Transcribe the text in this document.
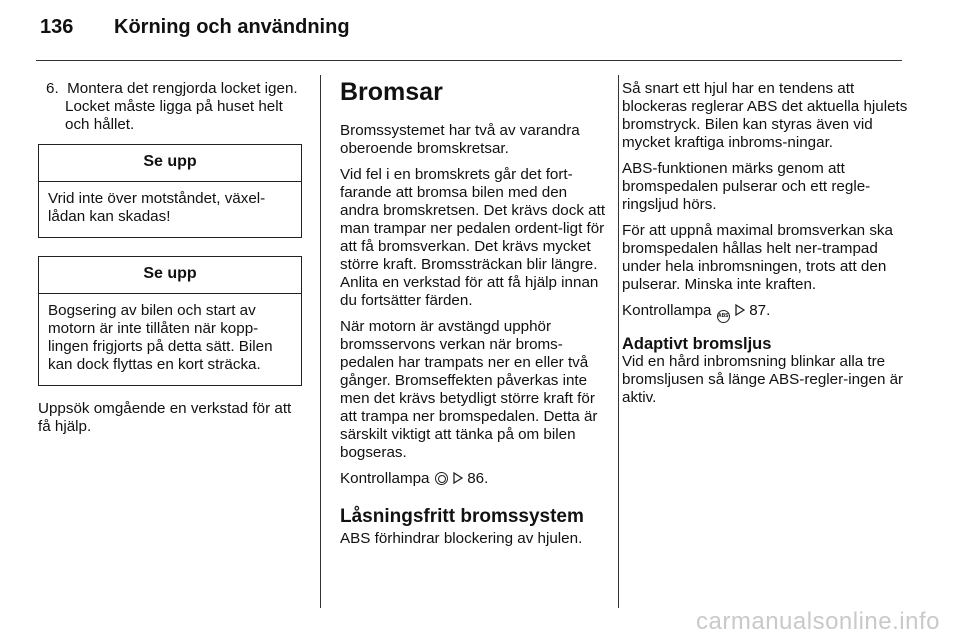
136 Körning och användning

6. Montera det rengjorda locket igen. Locket måste ligga på huset helt och hållet.

Se upp
Vrid inte över motståndet, växel-lådan kan skadas!
Se upp
Bogsering av bilen och start av motorn är inte tillåten när kopp-lingen frigjorts på detta sätt. Bilen kan dock flyttas en kort sträcka.

Uppsök omgående en verkstad för att få hjälp.

Bromsar

Bromssystemet har två av varandra oberoende bromskretsar.

Vid fel i en bromskrets går det fort-farande att bromsa bilen med den andra bromskretsen. Det krävs dock att man trampar ner pedalen ordent-ligt för att få bromsverkan. Det krävs mycket större kraft. Bromssträckan blir längre. Anlita en verkstad för att få hjälp innan du fortsätter färden.

När motorn är avstängd upphör bromsservons verkan när broms-pedalen har trampats ner en eller två gånger. Bromseffekten påverkas inte men det krävs betydligt större kraft för att trampa ner bromspedalen. Detta är särskilt viktigt att tänka på om bilen bogseras.

Kontrollampa 86.

Låsningsfritt bromssystem

ABS förhindrar blockering av hjulen.

Så snart ett hjul har en tendens att blockeras reglerar ABS det aktuella hjulets bromstryck. Bilen kan styras även vid mycket kraftiga inbroms-ningar.

ABS-funktionen märks genom att bromspedalen pulserar och ett regle-ringsljud hörs.

För att uppnå maximal bromsverkan ska bromspedalen hållas helt ner-trampad under hela inbromsningen, trots att den pulserar. Minska inte kraften.

Kontrollampa ABS 87.

Adaptivt bromsljus

Vid en hård inbromsning blinkar alla tre bromsljusen så länge ABS-regler-ingen är aktiv.

carmanualsonline.info
